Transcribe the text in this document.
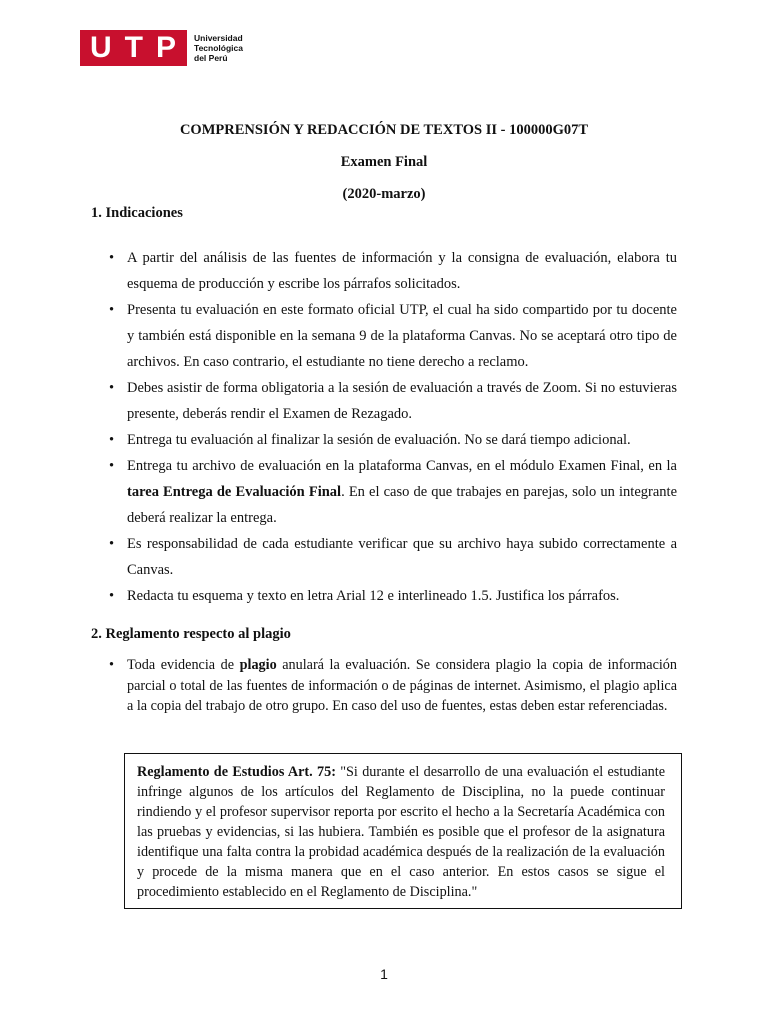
U T P Universidad
Tecnológica
del Perú
COMPRENSIÓN Y REDACCIÓN DE TEXTOS II - 100000G07T
Examen Final
(2020-marzo)
1. Indicaciones
• A partir del análisis de las fuentes de información y la consigna de evaluación, elabora tu esquema de producción y escribe los párrafos solicitados.
• Presenta tu evaluación en este formato oficial UTP, el cual ha sido compartido por tu docente y también está disponible en la semana 9 de la plataforma Canvas. No se aceptará otro tipo de archivos. En caso contrario, el estudiante no tiene derecho a reclamo.
• Debes asistir de forma obligatoria a la sesión de evaluación a través de Zoom. Si no estuvieras presente, deberás rendir el Examen de Rezagado.
• Entrega tu evaluación al finalizar la sesión de evaluación. No se dará tiempo adicional.
• Entrega tu archivo de evaluación en la plataforma Canvas, en el módulo Examen Final, en la tarea Entrega de Evaluación Final. En el caso de que trabajes en parejas, solo un integrante deberá realizar la entrega.
• Es responsabilidad de cada estudiante verificar que su archivo haya subido correctamente a Canvas.
• Redacta tu esquema y texto en letra Arial 12 e interlineado 1.5. Justifica los párrafos.
2. Reglamento respecto al plagio
• Toda evidencia de plagio anulará la evaluación. Se considera plagio la copia de información parcial o total de las fuentes de información o de páginas de internet. Asimismo, el plagio aplica a la copia del trabajo de otro grupo. En caso del uso de fuentes, estas deben estar referenciadas.
Reglamento de Estudios Art. 75: "Si durante el desarrollo de una evaluación el estudiante infringe algunos de los artículos del Reglamento de Disciplina, no la puede continuar rindiendo y el profesor supervisor reporta por escrito el hecho a la Secretaría Académica con las pruebas y evidencias, si las hubiera. También es posible que el profesor de la asignatura identifique una falta contra la probidad académica después de la realización de la evaluación y procede de la misma manera que en el caso anterior. En estos casos se sigue el procedimiento establecido en el Reglamento de Disciplina."
1
